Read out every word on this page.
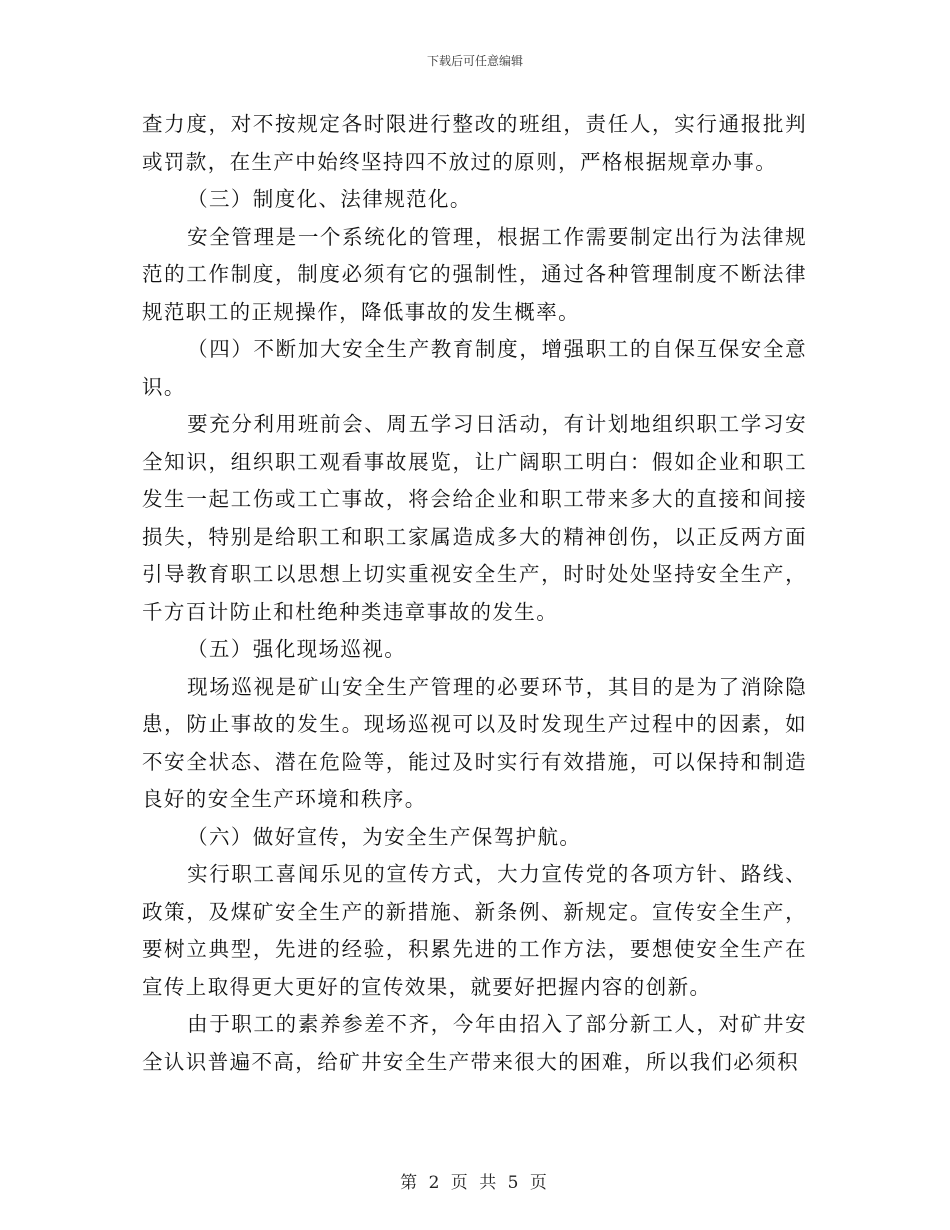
下载后可任意编辑

查力度，对不按规定各时限进行整改的班组，责任人，实行通报批判或罚款，在生产中始终坚持四不放过的原则，严格根据规章办事。

（三）制度化、法律规范化。

安全管理是一个系统化的管理，根据工作需要制定出行为法律规范的工作制度，制度必须有它的强制性，通过各种管理制度不断法律规范职工的正规操作，降低事故的发生概率。

（四）不断加大安全生产教育制度，增强职工的自保互保安全意识。

要充分利用班前会、周五学习日活动，有计划地组织职工学习安全知识，组织职工观看事故展览，让广阔职工明白：假如企业和职工发生一起工伤或工亡事故，将会给企业和职工带来多大的直接和间接损失，特别是给职工和职工家属造成多大的精神创伤，以正反两方面引导教育职工以思想上切实重视安全生产，时时处处坚持安全生产，千方百计防止和杜绝种类违章事故的发生。

（五）强化现场巡视。

现场巡视是矿山安全生产管理的必要环节，其目的是为了消除隐患，防止事故的发生。现场巡视可以及时发现生产过程中的因素，如不安全状态、潜在危险等，能过及时实行有效措施，可以保持和制造良好的安全生产环境和秩序。

（六）做好宣传，为安全生产保驾护航。

实行职工喜闻乐见的宣传方式，大力宣传党的各项方针、路线、政策，及煤矿安全生产的新措施、新条例、新规定。宣传安全生产，要树立典型，先进的经验，积累先进的工作方法，要想使安全生产在宣传上取得更大更好的宣传效果，就要好把握内容的创新。

由于职工的素养参差不齐，今年由招入了部分新工人，对矿井安全认识普遍不高，给矿井安全生产带来很大的困难，所以我们必须积

第 2 页 共 5 页
